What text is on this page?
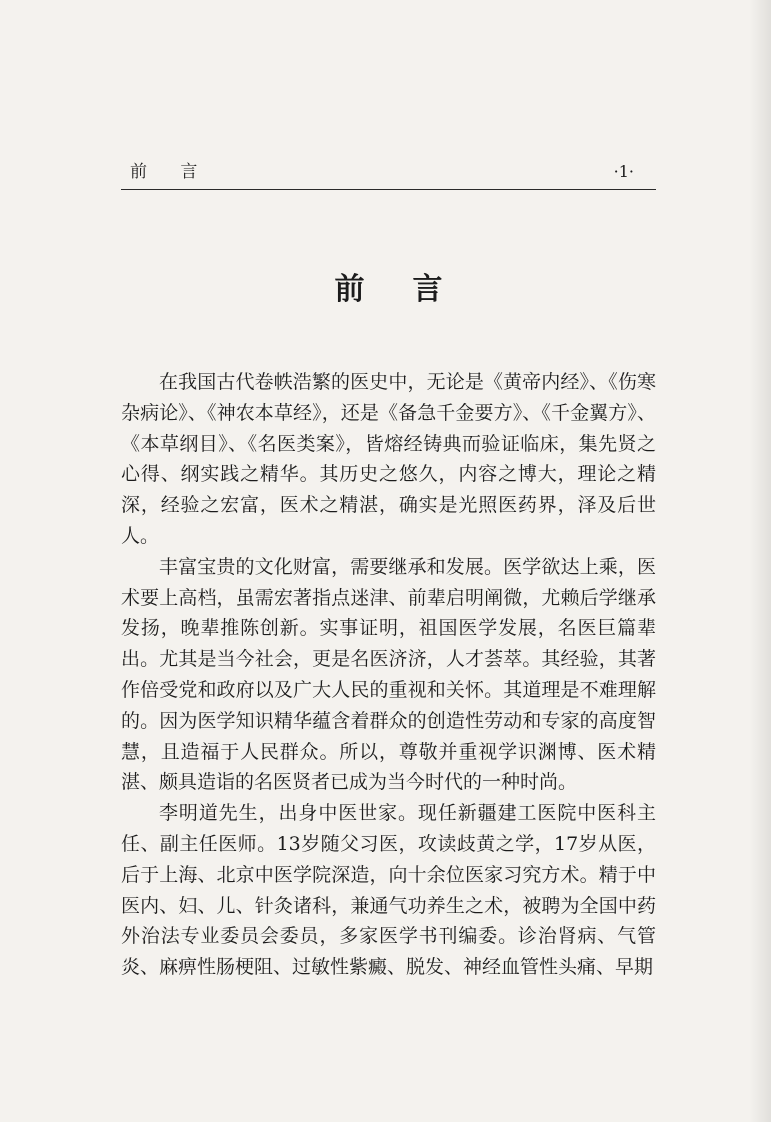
前 言	·1·
前言

在我国古代卷帙浩繁的医史中，无论是《黄帝内经》、《伤寒杂病论》、《神农本草经》，还是《备急千金要方》、《千金翼方》、《本草纲目》、《名医类案》，皆熔经铸典而验证临床，集先贤之心得、纲实践之精华。其历史之悠久，内容之博大，理论之精深，经验之宏富，医术之精湛，确实是光照医药界，泽及后世人。

丰富宝贵的文化财富，需要继承和发展。医学欲达上乘，医术要上高档，虽需宏著指点迷津、前辈启明阐微，尤赖后学继承发扬，晚辈推陈创新。实事证明，祖国医学发展，名医巨篇辈出。尤其是当今社会，更是名医济济，人才荟萃。其经验，其著作倍受党和政府以及广大人民的重视和关怀。其道理是不难理解的。因为医学知识精华蕴含着群众的创造性劳动和专家的高度智慧，且造福于人民群众。所以，尊敬并重视学识渊博、医术精湛、颇具造诣的名医贤者已成为当今时代的一种时尚。

李明道先生，出身中医世家。现任新疆建工医院中医科主任、副主任医师。13岁随父习医，攻读歧黄之学，17岁从医，后于上海、北京中医学院深造，向十余位医家习究方术。精于中医内、妇、儿、针灸诸科，兼通气功养生之术，被聘为全国中药外治法专业委员会委员，多家医学书刊编委。诊治肾病、气管炎、麻痹性肠梗阻、过敏性紫癜、脱发、神经血管性头痛、早期
